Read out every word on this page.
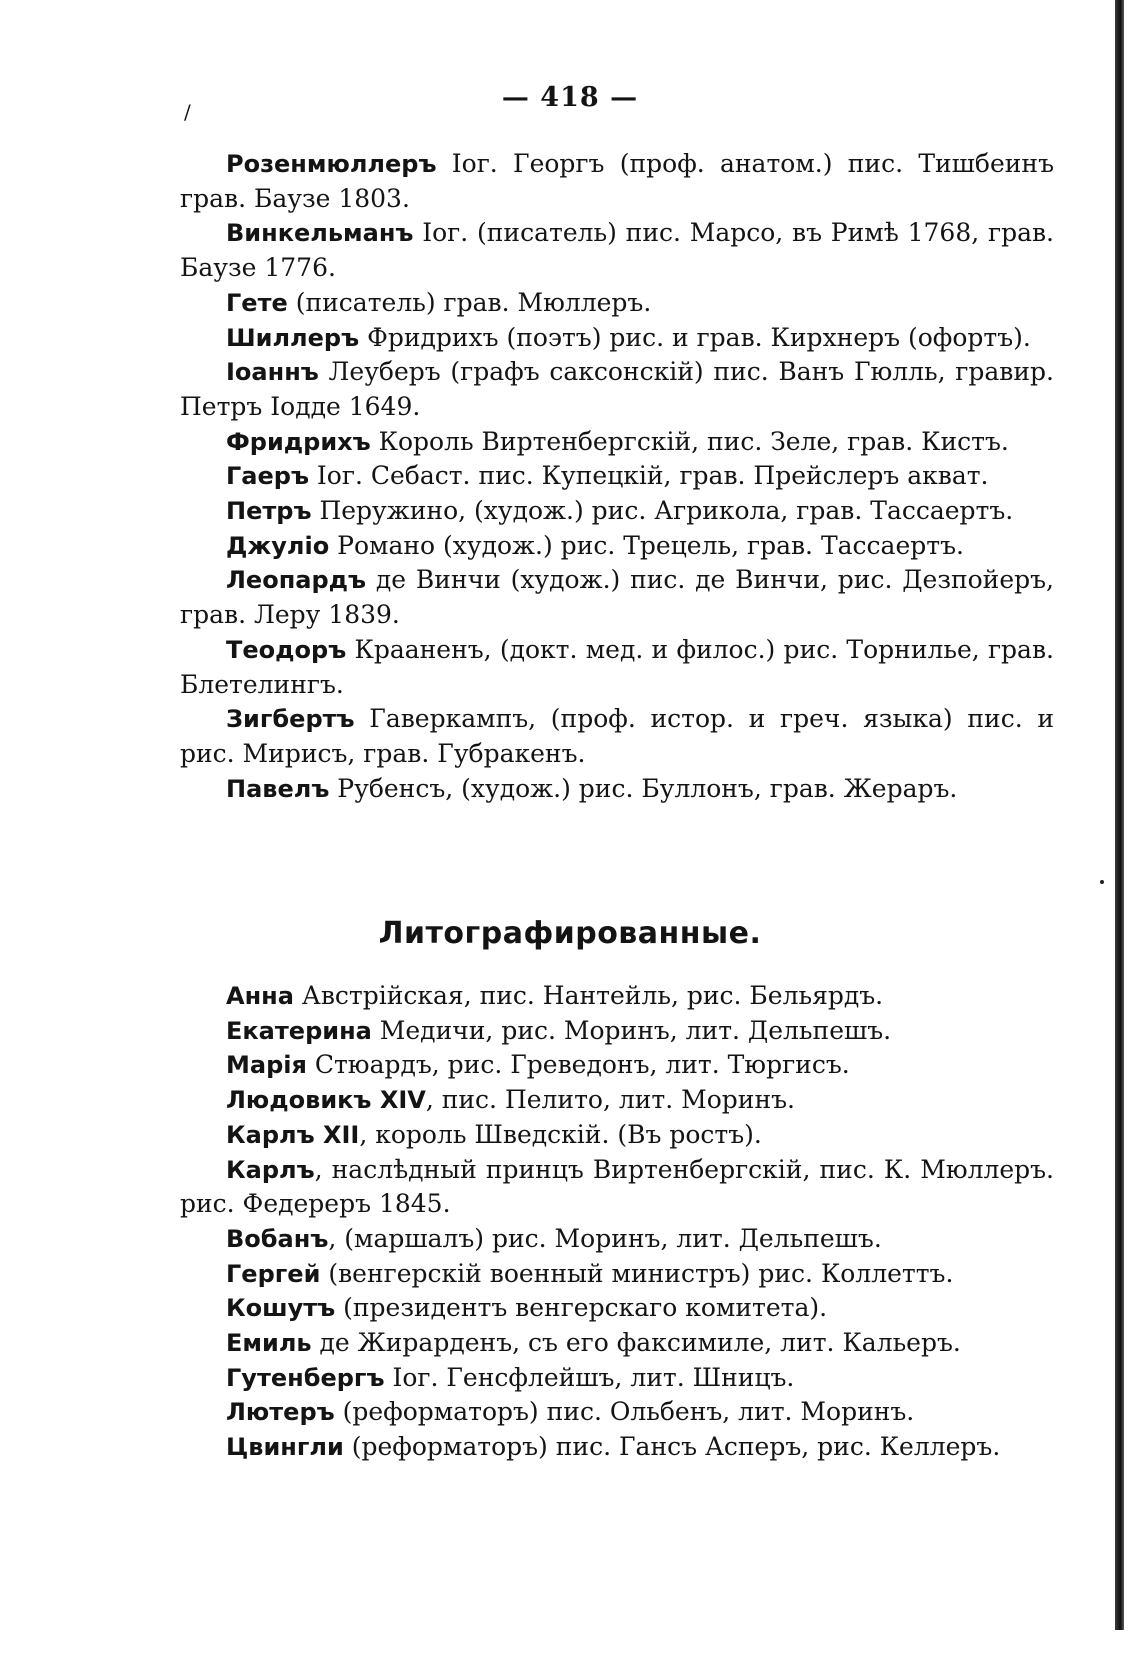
/	— 418 —

Розенмюллеръ Іог. Георгъ (проф. анатом.) пис. Тишбеинъ грав. Баузе 1803.

Винкельманъ Іог. (писатель) пис. Марсо, въ Римѣ 1768, грав. Баузе 1776.

Гете (писатель) грав. Мюллеръ.

Шиллеръ Фридрихъ (поэтъ) рис. и грав. Кирхнеръ (офортъ).

Іоаннъ Леуберъ (графъ саксонскій) пис. Ванъ Гюлль, гравир. Петръ Іодде 1649.

Фридрихъ Король Виртенбергскій, пис. Зеле, грав. Кистъ.

Гаеръ Іог. Себаст. пис. Купецкій, грав. Прейслеръ акват.

Петръ Перужино, (худож.) рис. Агрикола, грав. Тассаертъ.

Джуліо Романо (худож.) рис. Трецель, грав. Тассаертъ.

Леопардъ де Винчи (худож.) пис. де Винчи, рис. Дезпойеръ, грав. Леру 1839.

Теодоръ Крааненъ, (докт. мед. и филос.) рис. Торнилье, грав. Блетелингъ.

Зигбертъ Гаверкампъ, (проф. истор. и греч. языка) пис. и рис. Мирисъ, грав. Губракенъ.

Павелъ Рубенсъ, (худож.) рис. Буллонъ, грав. Жераръ.

Литографированные.

Анна Австрійская, пис. Нантейль, рис. Бельярдъ.

Екатерина Медичи, рис. Моринъ, лит. Дельпешъ.

Марія Стюардъ, рис. Греведонъ, лит. Тюргисъ.

Людовикъ XIV, пис. Пелито, лит. Моринъ.

Карлъ XII, король Шведскій. (Въ ростъ).

Карлъ, наслѣдный принцъ Виртенбергскій, пис. К. Мюллеръ. рис. Федереръ 1845.

Вобанъ, (маршалъ) рис. Моринъ, лит. Дельпешъ.

Гергей (венгерскій военный министръ) рис. Коллеттъ.

Кошутъ (президентъ венгерскаго комитета).

Емиль де Жирарденъ, съ его факсимиле, лит. Кальеръ.

Гутенбергъ Іог. Генсфлейшъ, лит. Шницъ.

Лютеръ (реформаторъ) пис. Ольбенъ, лит. Моринъ.

Цвингли (реформаторъ) пис. Гансъ Асперъ, рис. Келлеръ.
